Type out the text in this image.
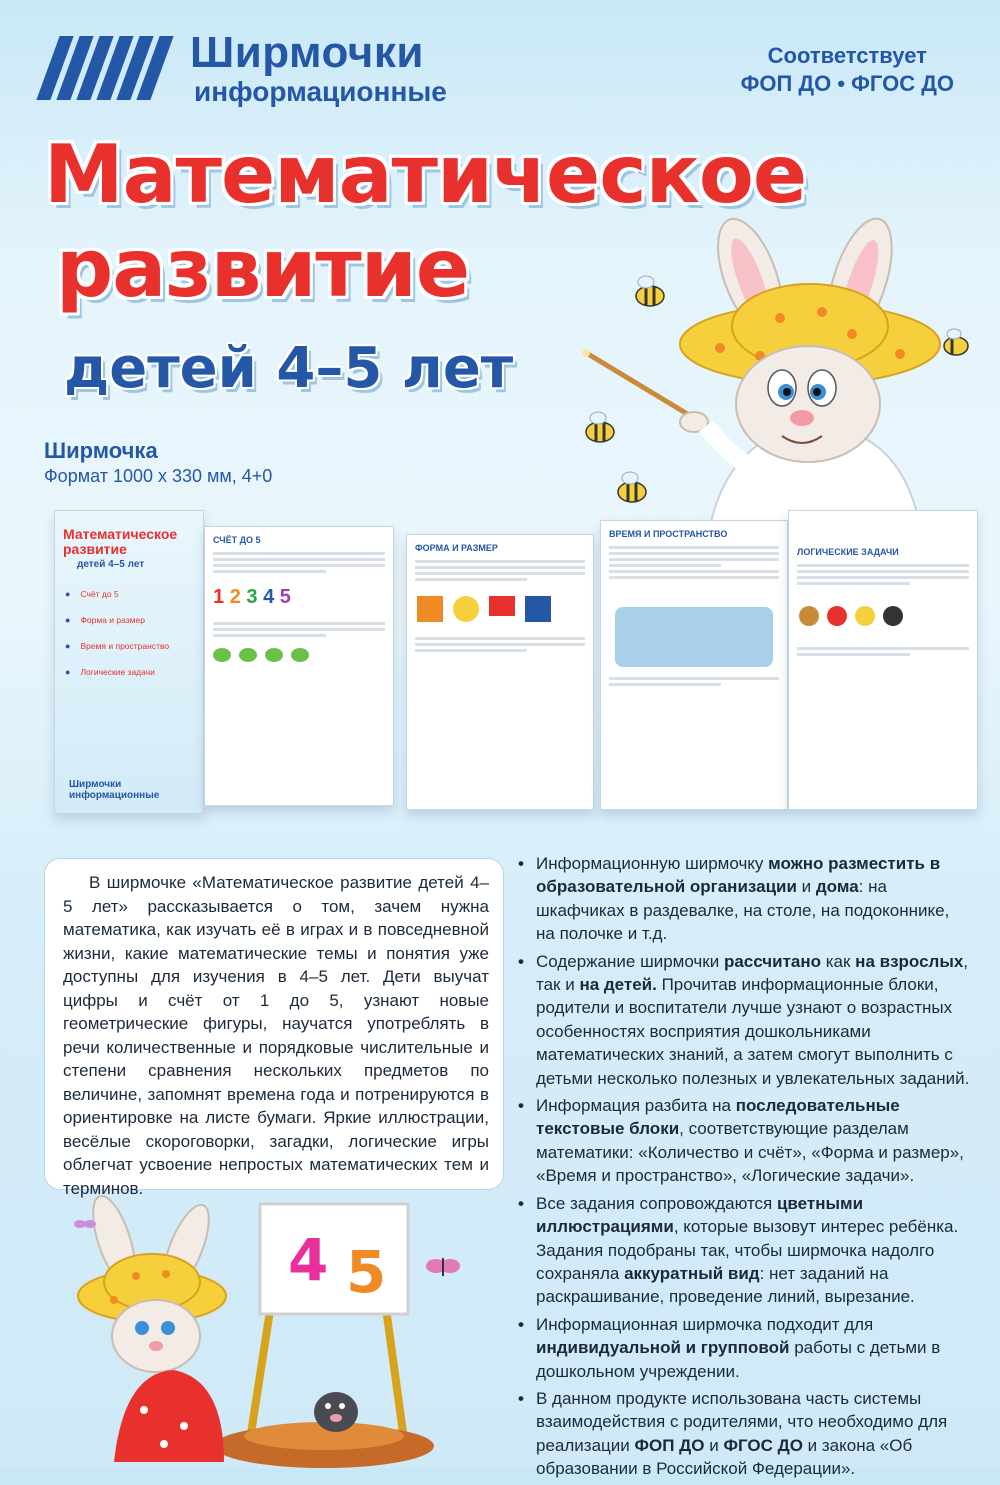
Ширмочки
информационные
Соответствует
ФОП ДО • ФГОС ДО
Математическое
развитие
детей 4–5 лет
Ширмочка
Формат 1000 х 330 мм, 4+0
Математическое развитие
детей 4–5 лет
● Счёт до 5
● Форма и размер
● Время и пространство
● Логические задачи
Ширмочки информационные
СЧЁТ ДО 5
1 2 3 4 5
ФОРМА И РАЗМЕР
ВРЕМЯ И ПРОСТРАНСТВО
ЛОГИЧЕСКИЕ ЗАДАЧИ
В ширмочке «Математическое развитие детей 4–5 лет» рассказывается о том, зачем нужна математика, как изучать её в играх и в повседневной жизни, какие математические темы и понятия уже доступны для изучения в 4–5 лет. Дети выучат цифры и счёт от 1 до 5, узнают новые геометрические фигуры, научатся употреблять в речи количественные и порядковые числительные и степени сравнения нескольких предметов по величине, запомнят времена года и потренируются в ориентировке на листе бумаги. Яркие иллюстрации, весёлые скороговорки, загадки, логические игры облегчат усвоение непростых математических тем и терминов.
• Информационную ширмочку можно разместить в образовательной организации и дома: на шкафчиках в раздевалке, на столе, на подоконнике, на полочке и т.д.
• Содержание ширмочки рассчитано как на взрослых, так и на детей. Прочитав информационные блоки, родители и воспитатели лучше узнают о возрастных особенностях восприятия дошкольниками математических знаний, а затем смогут выполнить с детьми несколько полезных и увлекательных заданий.
• Информация разбита на последовательные текстовые блоки, соответствующие разделам математики: «Количество и счёт», «Форма и размер», «Время и пространство», «Логические задачи».
• Все задания сопровождаются цветными иллюстрациями, которые вызовут интерес ребёнка. Задания подобраны так, чтобы ширмочка надолго сохраняла аккуратный вид: нет заданий на раскрашивание, проведение линий, вырезание.
• Информационная ширмочка подходит для индивидуальной и групповой работы с детьми в дошкольном учреждении.
• В данном продукте использована часть системы взаимодействия с родителями, что необходимо для реализации ФОП ДО и ФГОС ДО и закона «Об образовании в Российской Федерации».
4 5
